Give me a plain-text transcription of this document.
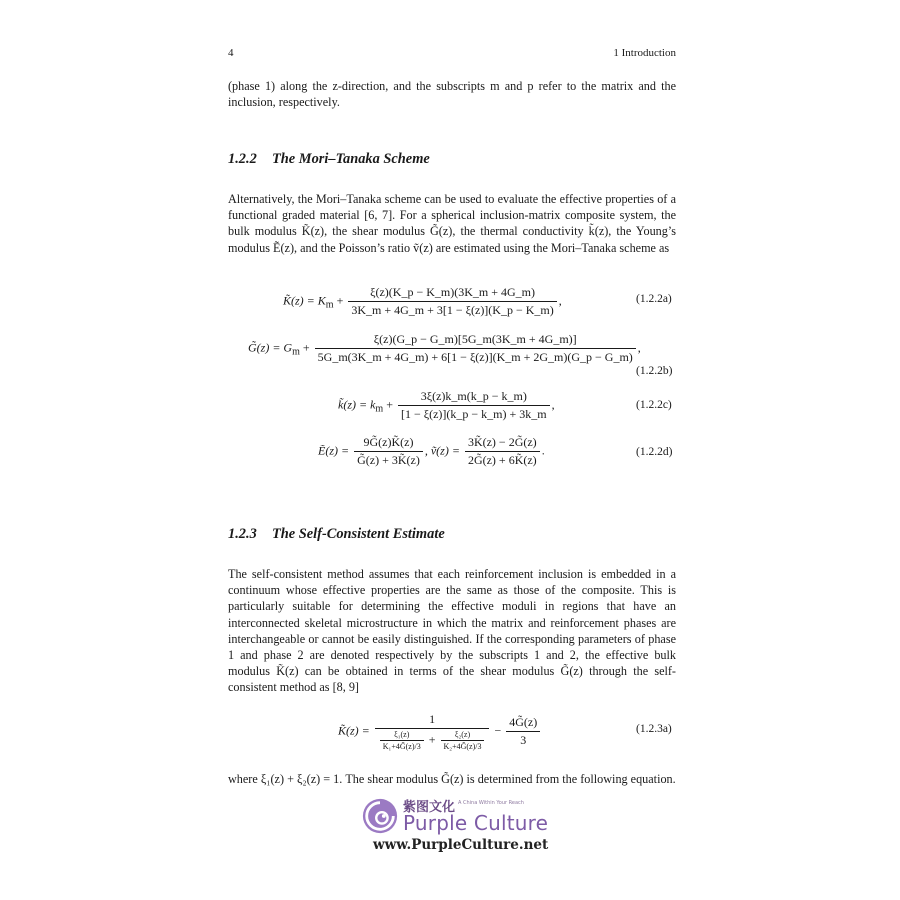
4	1 Introduction

(phase 1) along the z-direction, and the subscripts m and p refer to the matrix and the inclusion, respectively.

1.2.2 The Mori–Tanaka Scheme

Alternatively, the Mori–Tanaka scheme can be used to evaluate the effective properties of a functional graded material [6, 7]. For a spherical inclusion-matrix composite system, the bulk modulus K̃(z), the shear modulus G̃(z), the thermal conductivity k̃(z), the Young’s modulus Ẽ(z), and the Poisson’s ratio ṽ(z) are estimated using the Mori–Tanaka scheme as

K̃(z) = $K_m + \frac{\xi(z)(K\_p - K\_m)(3K\_m + 4G\_m)}{3K\_m + 4G\_m + 3[1 - \xi(z)](K\_p - K\_m)}$ ,	(1.2.2a)
G̃(z) = $G_m + \frac{\xi(z)(G\_p - G\_m)[5G\_m(3K\_m + 4G\_m)]}{5G\_m(3K\_m + 4G\_m) + 6[1 - \xi(z)](K\_m + 2G\_m)(G\_p - G\_m)}$ ,
(1.2.2b)
k̃(z) = $k_m + \frac{3\xi(z)k\_m(k\_p - k\_m)}{[1 - \xi(z)](k\_p - k\_m) + 3k\_m}$ ,	(1.2.2c)
Ẽ(z) = $\frac{9G̃(z)K̃(z)}{G̃(z) + 3K̃(z)}$ , ṽ(z) = $\frac{3K̃(z) - 2G̃(z)}{2G̃(z) + 6K̃(z)}$ .	(1.2.2d)
1.2.3 The Self-Consistent Estimate

The self-consistent method assumes that each reinforcement inclusion is embedded in a continuum whose effective properties are the same as those of the composite. This is particularly suitable for determining the effective moduli in regions that have an interconnected skeletal microstructure in which the matrix and reinforcement phases are interchangeable or cannot be easily distinguished. If the corresponding parameters of phase 1 and phase 2 are denoted respectively by the subscripts 1 and 2, the effective bulk modulus K̃(z) can be obtained in terms of the shear modulus G̃(z) through the self-consistent method as [8, 9]

K̃(z) =
1
$\frac{\text{ξ₁(z)}}{\text{K₁+4G̃(z)/3}} + \frac{\text{ξ₂(z)}}{\text{K₂+4G̃(z)/3}} - \frac{4G̃(z)}{3}$	(1.2.3a)

where ξ₁(z) + ξ₂(z) = 1. The shear modulus G̃(z) is determined from the following equation.

紫图文化 A China Within Your Reach
Purple Culture
www.PurpleCulture.net
